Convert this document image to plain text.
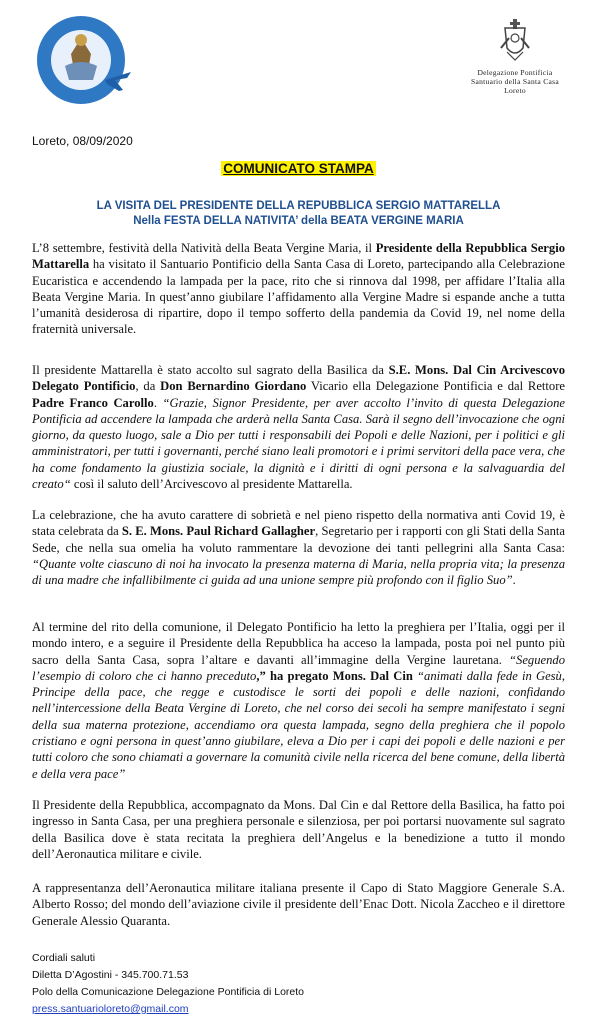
Delegazione Pontificia
Santuario della Santa Casa
Loreto
Loreto, 08/09/2020
COMUNICATO STAMPA
LA VISITA DEL PRESIDENTE DELLA REPUBBLICA SERGIO MATTARELLA
Nella FESTA DELLA NATIVITA’ della BEATA VERGINE MARIA

L’8 settembre, festività della Natività della Beata Vergine Maria, il Presidente della Repubblica Sergio Mattarella ha visitato il Santuario Pontificio della Santa Casa di Loreto, partecipando alla Celebrazione Eucaristica e accendendo la lampada per la pace, rito che si rinnova dal 1998, per affidare l’Italia alla Beata Vergine Maria. In quest’anno giubilare l’affidamento alla Vergine Madre si espande anche a tutta l’umanità desiderosa di ripartire, dopo il tempo sofferto della pandemia da Covid 19, nel nome della fraternità universale.

Il presidente Mattarella è stato accolto sul sagrato della Basilica da S.E. Mons. Dal Cin Arcivescovo Delegato Pontificio, da Don Bernardino Giordano Vicario ella Delegazione Pontificia e dal Rettore Padre Franco Carollo. “Grazie, Signor Presidente, per aver accolto l’invito di questa Delegazione Pontificia ad accendere la lampada che arderà nella Santa Casa. Sarà il segno dell’invocazione che ogni giorno, da questo luogo, sale a Dio per tutti i responsabili dei Popoli e delle Nazioni, per i politici e gli amministratori, per tutti i governanti, perché siano leali promotori e i primi servitori della pace vera, che ha come fondamento la giustizia sociale, la dignità e i diritti di ogni persona e la salvaguardia del creato“ così il saluto dell’Arcivescovo al presidente Mattarella.

La celebrazione, che ha avuto carattere di sobrietà e nel pieno rispetto della normativa anti Covid 19, è stata celebrata da S. E. Mons. Paul Richard Gallagher, Segretario per i rapporti con gli Stati della Santa Sede, che nella sua omelia ha voluto rammentare la devozione dei tanti pellegrini alla Santa Casa: “Quante volte ciascuno di noi ha invocato la presenza materna di Maria, nella propria vita; la presenza di una madre che infallibilmente ci guida ad una unione sempre più profondo con il figlio Suo”.

Al termine del rito della comunione, il Delegato Pontificio ha letto la preghiera per l’Italia, oggi per il mondo intero, e a seguire il Presidente della Repubblica ha acceso la lampada, posta poi nel punto più sacro della Santa Casa, sopra l’altare e davanti all’immagine della Vergine lauretana. “Seguendo l’esempio di coloro che ci hanno preceduto,” ha pregato Mons. Dal Cin “animati dalla fede in Gesù, Principe della pace, che regge e custodisce le sorti dei popoli e delle nazioni, confidando nell’intercessione della Beata Vergine di Loreto, che nel corso dei secoli ha sempre manifestato i segni della sua materna protezione, accendiamo ora questa lampada, segno della preghiera che il popolo cristiano e ogni persona in quest’anno giubilare, eleva a Dio per i capi dei popoli e delle nazioni e per tutti coloro che sono chiamati a governare la comunità civile nella ricerca del bene comune, della libertà e della vera pace”

Il Presidente della Repubblica, accompagnato da Mons. Dal Cin e dal Rettore della Basilica, ha fatto poi ingresso in Santa Casa, per una preghiera personale e silenziosa, per poi portarsi nuovamente sul sagrato della Basilica dove è stata recitata la preghiera dell’Angelus e la benedizione a tutto il mondo dell’Aeronautica militare e civile.

A rappresentanza dell’Aeronautica militare italiana presente il Capo di Stato Maggiore Generale S.A. Alberto Rosso; del mondo dell’aviazione civile il presidente dell’Enac Dott. Nicola Zaccheo e il direttore Generale Alessio Quaranta.

Cordiali saluti
Diletta D’Agostini - 345.700.71.53
Polo della Comunicazione Delegazione Pontificia di Loreto
press.santuarioloreto@gmail.com
